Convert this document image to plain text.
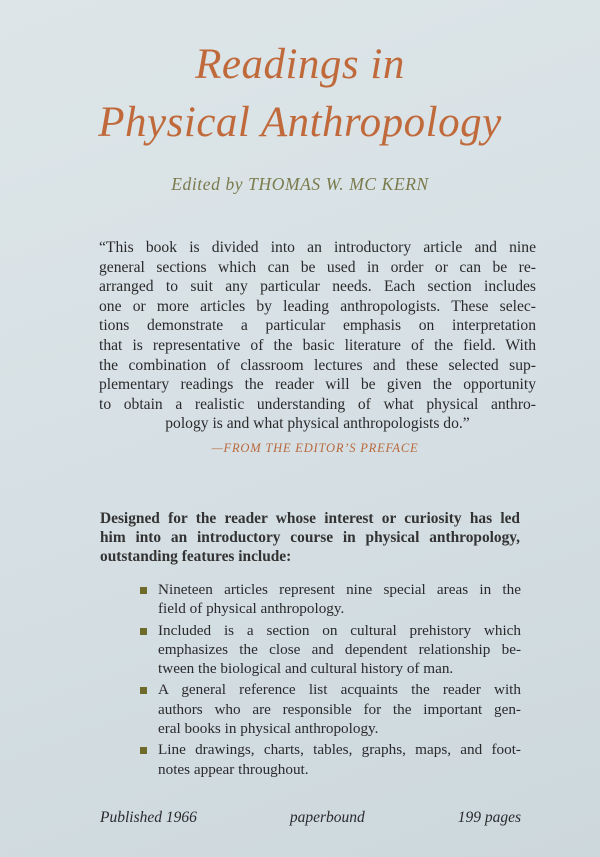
Readings in
Physical Anthropology
Edited by THOMAS W. MC KERN
“This book is divided into an introductory article and nine
general sections which can be used in order or can be re-
arranged to suit any particular needs. Each section includes
one or more articles by leading anthropologists. These selec-
tions demonstrate a particular emphasis on interpretation
that is representative of the basic literature of the field. With
the combination of classroom lectures and these selected sup-
plementary readings the reader will be given the opportunity
to obtain a realistic understanding of what physical anthro-
pology is and what physical anthropologists do.”
—FROM THE EDITOR’S PREFACE
Designed for the reader whose interest or curiosity has led
him into an introductory course in physical anthropology,
outstanding features include:
Nineteen articles represent nine special areas in the
field of physical anthropology.
Included is a section on cultural prehistory which
emphasizes the close and dependent relationship be-
tween the biological and cultural history of man.
A general reference list acquaints the reader with
authors who are responsible for the important gen-
eral books in physical anthropology.
Line drawings, charts, tables, graphs, maps, and foot-
notes appear throughout.
Published 1966	paperbound	199 pages
